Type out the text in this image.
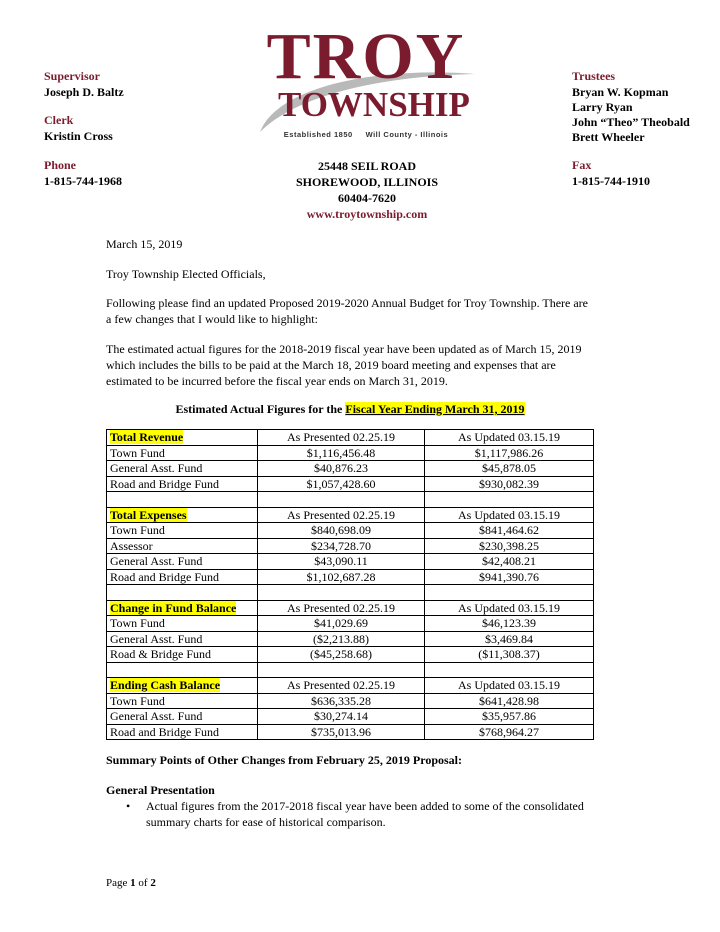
Supervisor
Joseph D. Baltz
Clerk
Kristin Cross
Phone
1-815-744-1968
Trustees
Bryan W. Kopman
Larry Ryan
John “Theo” Theobald
Brett Wheeler
Fax
1-815-744-1910
TROY
TOWNSHIP
Established 1850     Will County - Illinois
25448 SEIL ROAD
SHOREWOOD, ILLINOIS
60404-7620
www.troytownship.com
March 15, 2019
Troy Township Elected Officials,
Following please find an updated Proposed 2019-2020 Annual Budget for Troy Township. There are
a few changes that I would like to highlight:
The estimated actual figures for the 2018-2019 fiscal year have been updated as of March 15, 2019
which includes the bills to be paid at the March 18, 2019 board meeting and expenses that are
estimated to be incurred before the fiscal year ends on March 31, 2019.
Estimated Actual Figures for the Fiscal Year Ending March 31, 2019
Total Revenue	As Presented 02.25.19	As Updated 03.15.19
Town Fund	$1,116,456.48	$1,117,986.26
General Asst. Fund	$40,876.23	$45,878.05
Road and Bridge Fund	$1,057,428.60	$930,082.39

Total Expenses	As Presented 02.25.19	As Updated 03.15.19
Town Fund	$840,698.09	$841,464.62
Assessor	$234,728.70	$230,398.25
General Asst. Fund	$43,090.11	$42,408.21
Road and Bridge Fund	$1,102,687.28	$941,390.76

Change in Fund Balance	As Presented 02.25.19	As Updated 03.15.19
Town Fund	$41,029.69	$46,123.39
General Asst. Fund	($2,213.88)	$3,469.84
Road & Bridge Fund	($45,258.68)	($11,308.37)

Ending Cash Balance	As Presented 02.25.19	As Updated 03.15.19
Town Fund	$636,335.28	$641,428.98
General Asst. Fund	$30,274.14	$35,957.86
Road and Bridge Fund	$735,013.96	$768,964.27
Summary Points of Other Changes from February 25, 2019 Proposal:
General Presentation
• Actual figures from the 2017-2018 fiscal year have been added to some of the consolidated
summary charts for ease of historical comparison.
Page 1 of 2
